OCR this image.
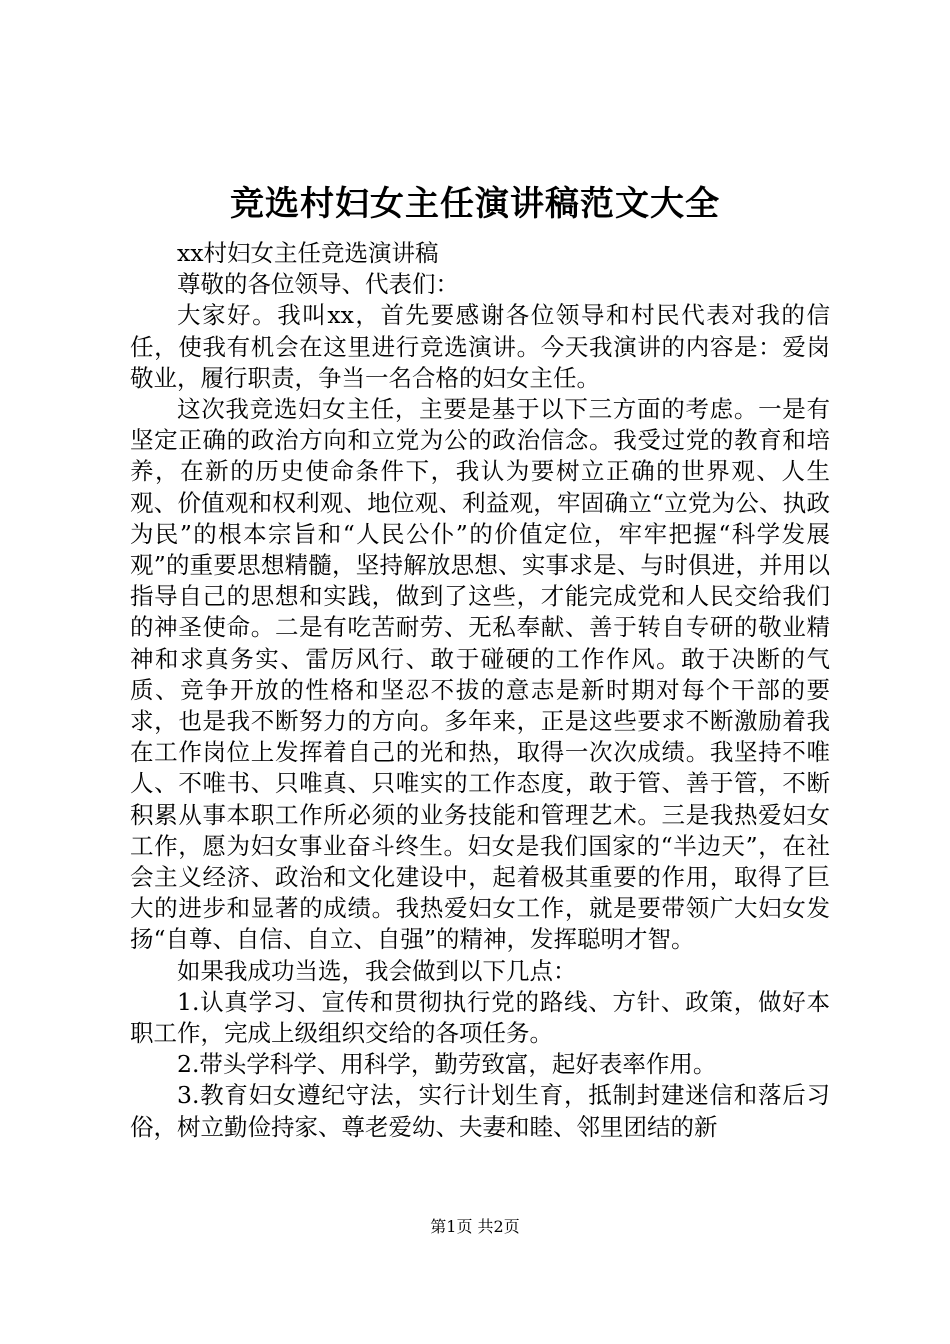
竞选村妇女主任演讲稿范文大全

xx村妇女主任竞选演讲稿

尊敬的各位领导、代表们：

大家好。我叫xx，首先要感谢各位领导和村民代表对我的信任，使我有机会在这里进行竞选演讲。今天我演讲的内容是：爱岗敬业，履行职责，争当一名合格的妇女主任。

这次我竞选妇女主任，主要是基于以下三方面的考虑。一是有坚定正确的政治方向和立党为公的政治信念。我受过党的教育和培养，在新的历史使命条件下，我认为要树立正确的世界观、人生观、价值观和权利观、地位观、利益观，牢固确立“立党为公、执政为民”的根本宗旨和“人民公仆”的价值定位，牢牢把握“科学发展观”的重要思想精髓，坚持解放思想、实事求是、与时俱进，并用以指导自己的思想和实践，做到了这些，才能完成党和人民交给我们的神圣使命。二是有吃苦耐劳、无私奉献、善于转自专研的敬业精神和求真务实、雷厉风行、敢于碰硬的工作作风。敢于决断的气质、竞争开放的性格和坚忍不拔的意志是新时期对每个干部的要求，也是我不断努力的方向。多年来，正是这些要求不断激励着我在工作岗位上发挥着自己的光和热，取得一次次成绩。我坚持不唯人、不唯书、只唯真、只唯实的工作态度，敢于管、善于管，不断积累从事本职工作所必须的业务技能和管理艺术。三是我热爱妇女工作，愿为妇女事业奋斗终生。妇女是我们国家的“半边天”，在社会主义经济、政治和文化建设中，起着极其重要的作用，取得了巨大的进步和显著的成绩。我热爱妇女工作，就是要带领广大妇女发扬“自尊、自信、自立、自强”的精神，发挥聪明才智。

如果我成功当选，我会做到以下几点：

1.认真学习、宣传和贯彻执行党的路线、方针、政策，做好本职工作，完成上级组织交给的各项任务。

2.带头学科学、用科学，勤劳致富，起好表率作用。

3.教育妇女遵纪守法，实行计划生育，抵制封建迷信和落后习俗，树立勤俭持家、尊老爱幼、夫妻和睦、邻里团结的新

第1页 共2页
